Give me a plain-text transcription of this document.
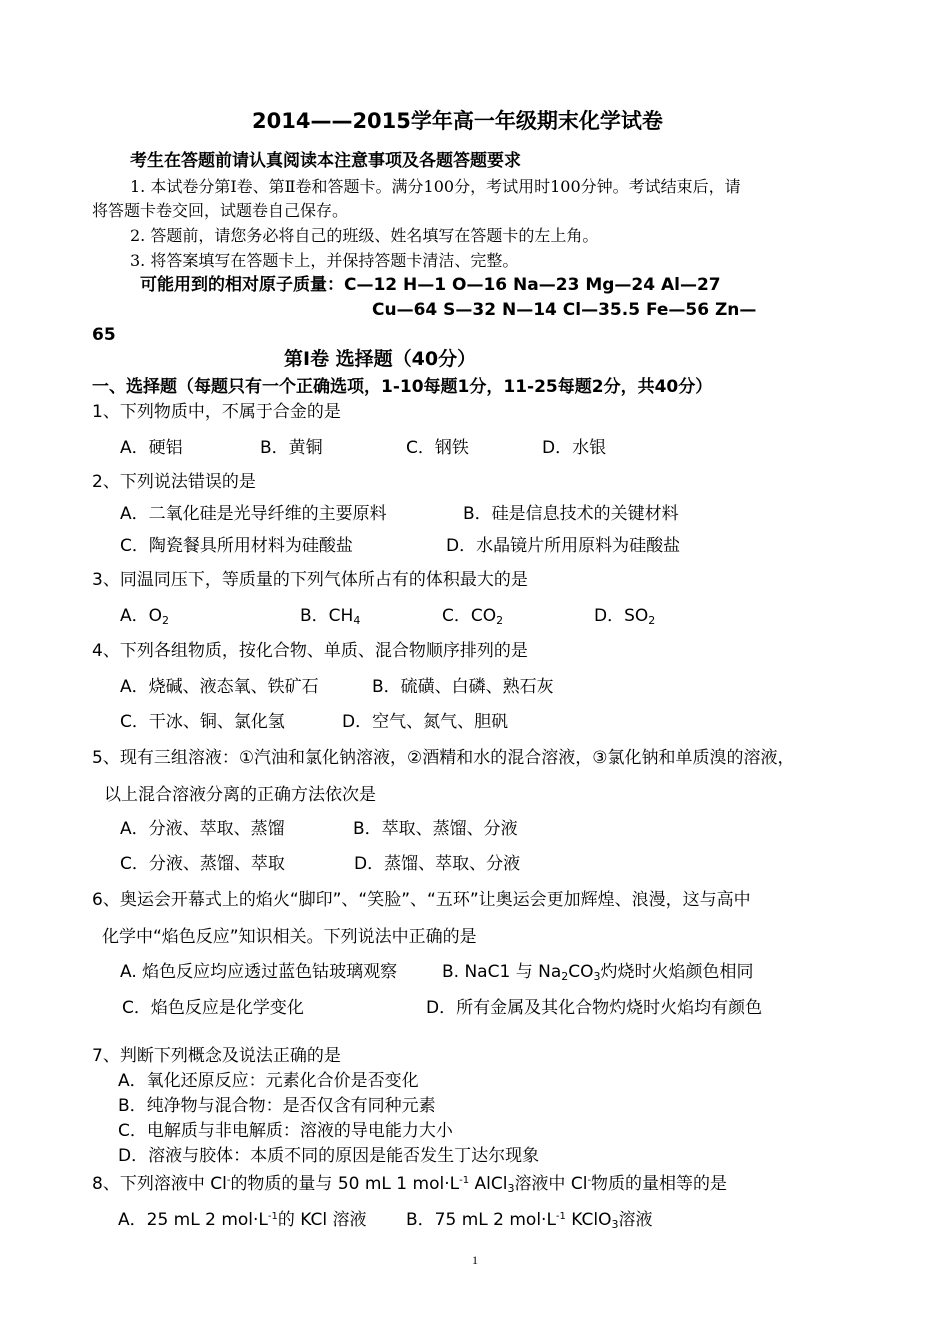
2014——2015学年高一年级期末化学试卷
考生在答题前请认真阅读本注意事项及各题答题要求
1. 本试卷分第Ⅰ卷、第Ⅱ卷和答题卡。满分100分，考试用时100分钟。考试结束后，请
将答题卡卷交回，试题卷自己保存。
2. 答题前，请您务必将自己的班级、姓名填写在答题卡的左上角。
3. 将答案填写在答题卡上，并保持答题卡清洁、完整。
可能用到的相对原子质量：C—12 H—1 O—16 Na—23 Mg—24 Al—27
Cu—64 S—32 N—14 Cl—35.5 Fe—56 Zn—
65
第Ⅰ卷 选择题（40分）
一、选择题（每题只有一个正确选项，1-10每题1分，11-25每题2分，共40分）
1、下列物质中，不属于合金的是
A．硬铝	B．黄铜	C．钢铁	D．水银
2、下列说法错误的是
A．二氧化硅是光导纤维的主要原料	B．硅是信息技术的关键材料
C．陶瓷餐具所用材料为硅酸盐	D．水晶镜片所用原料为硅酸盐
3、同温同压下，等质量的下列气体所占有的体积最大的是
A．$O_2$	B．$CH_4$	C．$CO_2$	D．$SO_2$
4、下列各组物质，按化合物、单质、混合物顺序排列的是
A．烧碱、液态氧、铁矿石	B．硫磺、白磷、熟石灰
C．干冰、铜、氯化氢	D．空气、氮气、胆矾
5、现有三组溶液：①汽油和氯化钠溶液，②酒精和水的混合溶液，③氯化钠和单质溴的溶液，
以上混合溶液分离的正确方法依次是
A．分液、萃取、蒸馏	B．萃取、蒸馏、分液
C．分液、蒸馏、萃取	D．蒸馏、萃取、分液
6、奥运会开幕式上的焰火“脚印”、“笑脸”、“五环”让奥运会更加辉煌、浪漫，这与高中
化学中“焰色反应”知识相关。下列说法中正确的是
A. 焰色反应均应透过蓝色钴玻璃观察	B. NaC1 与 $Na_2CO_3$灼烧时火焰颜色相同
C．焰色反应是化学变化	D．所有金属及其化合物灼烧时火焰均有颜色
7、判断下列概念及说法正确的是
A．氧化还原反应：元素化合价是否变化
B．纯净物与混合物：是否仅含有同种元素
C．电解质与非电解质：溶液的导电能力大小
D．溶液与胶体：本质不同的原因是能否发生丁达尔现象
8、下列溶液中 Cl-的物质的量与 50 mL 1 $mol\cdot L^{-1}$ AlCl$_3$溶液中 Cl-物质的量相等的是
A．25 mL 2 $mol\cdot L^{-1}$的 KCl 溶液 B．75 mL 2 $mol\cdot L^{-1}$ KClO$_3$溶液
1
